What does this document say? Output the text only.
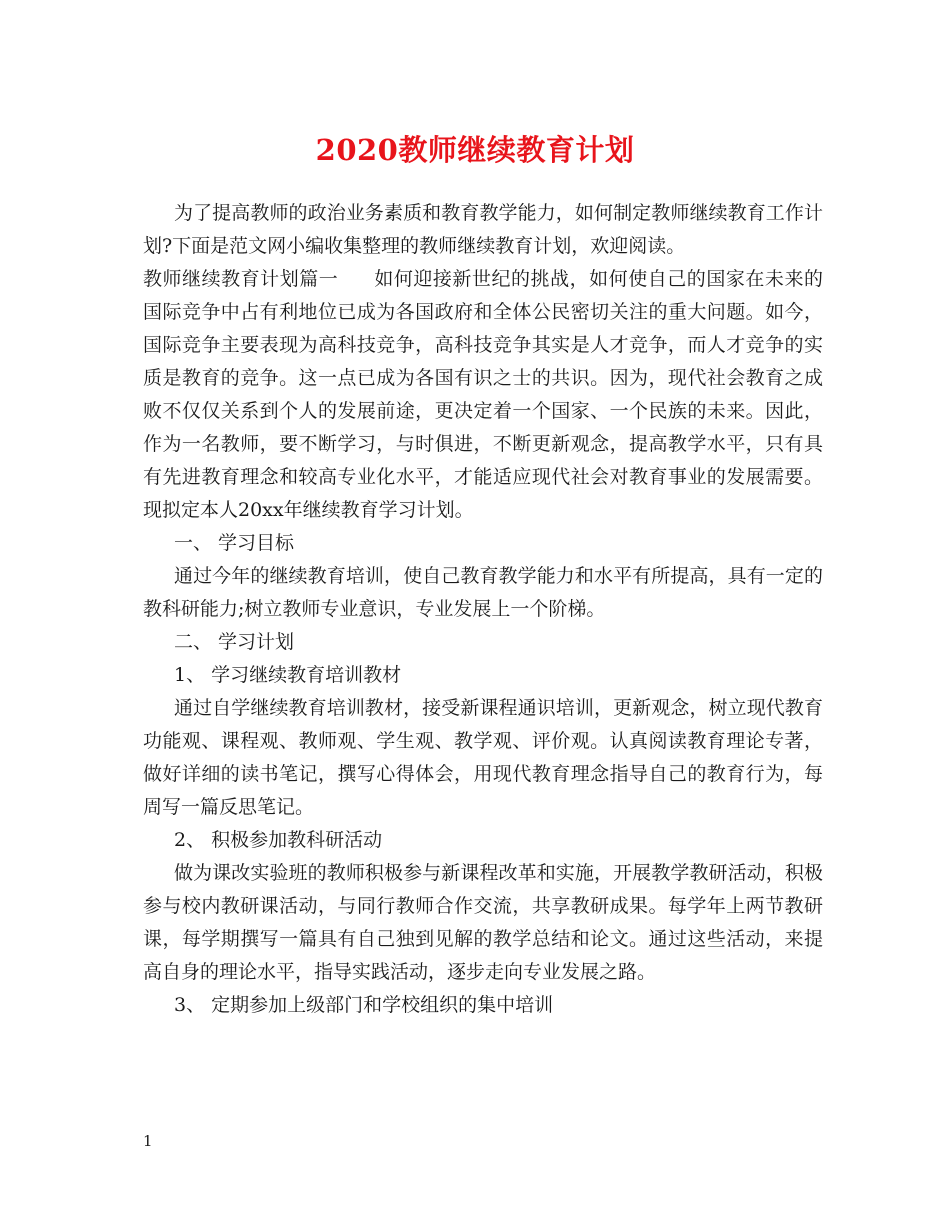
2020教师继续教育计划

为了提高教师的政治业务素质和教育教学能力，如何制定教师继续教育工作计划?下面是范文网小编收集整理的教师继续教育计划，欢迎阅读。

教师继续教育计划篇一 如何迎接新世纪的挑战，如何使自己的国家在未来的国际竞争中占有利地位已成为各国政府和全体公民密切关注的重大问题。如今，国际竞争主要表现为高科技竞争，高科技竞争其实是人才竞争，而人才竞争的实质是教育的竞争。这一点已成为各国有识之士的共识。因为，现代社会教育之成败不仅仅关系到个人的发展前途，更决定着一个国家、一个民族的未来。因此，作为一名教师，要不断学习，与时俱进，不断更新观念，提高教学水平，只有具有先进教育理念和较高专业化水平，才能适应现代社会对教育事业的发展需要。现拟定本人20xx年继续教育学习计划。

一、 学习目标

通过今年的继续教育培训，使自己教育教学能力和水平有所提高，具有一定的教科研能力;树立教师专业意识，专业发展上一个阶梯。

二、 学习计划

1、 学习继续教育培训教材

通过自学继续教育培训教材，接受新课程通识培训，更新观念，树立现代教育功能观、课程观、教师观、学生观、教学观、评价观。认真阅读教育理论专著，做好详细的读书笔记，撰写心得体会，用现代教育理念指导自己的教育行为，每周写一篇反思笔记。

2、 积极参加教科研活动

做为课改实验班的教师积极参与新课程改革和实施，开展教学教研活动，积极参与校内教研课活动，与同行教师合作交流，共享教研成果。每学年上两节教研课，每学期撰写一篇具有自己独到见解的教学总结和论文。通过这些活动，来提高自身的理论水平，指导实践活动，逐步走向专业发展之路。

3、 定期参加上级部门和学校组织的集中培训

1
